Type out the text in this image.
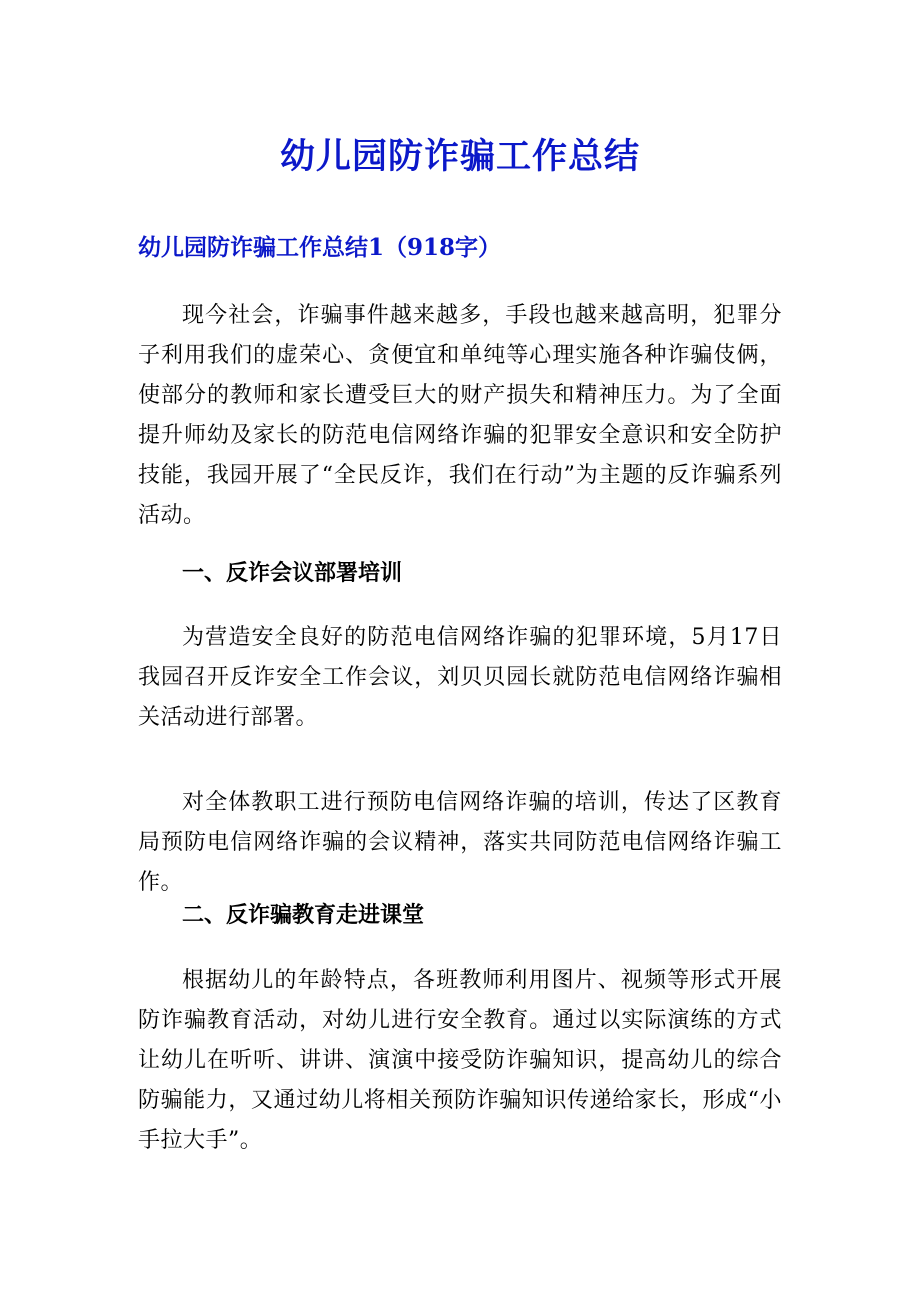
幼儿园防诈骗工作总结
幼儿园防诈骗工作总结1（918字）

现今社会，诈骗事件越来越多，手段也越来越高明，犯罪分子利用我们的虚荣心、贪便宜和单纯等心理实施各种诈骗伎俩，使部分的教师和家长遭受巨大的财产损失和精神压力。为了全面提升师幼及家长的防范电信网络诈骗的犯罪安全意识和安全防护技能，我园开展了“全民反诈，我们在行动”为主题的反诈骗系列活动。

一、反诈会议部署培训

为营造安全良好的防范电信网络诈骗的犯罪环境，5月17日我园召开反诈安全工作会议，刘贝贝园长就防范电信网络诈骗相关活动进行部署。

对全体教职工进行预防电信网络诈骗的培训，传达了区教育局预防电信网络诈骗的会议精神，落实共同防范电信网络诈骗工作。

二、反诈骗教育走进课堂

根据幼儿的年龄特点，各班教师利用图片、视频等形式开展防诈骗教育活动，对幼儿进行安全教育。通过以实际演练的方式让幼儿在听听、讲讲、演演中接受防诈骗知识，提高幼儿的综合防骗能力，又通过幼儿将相关预防诈骗知识传递给家长，形成“小手拉大手”。
